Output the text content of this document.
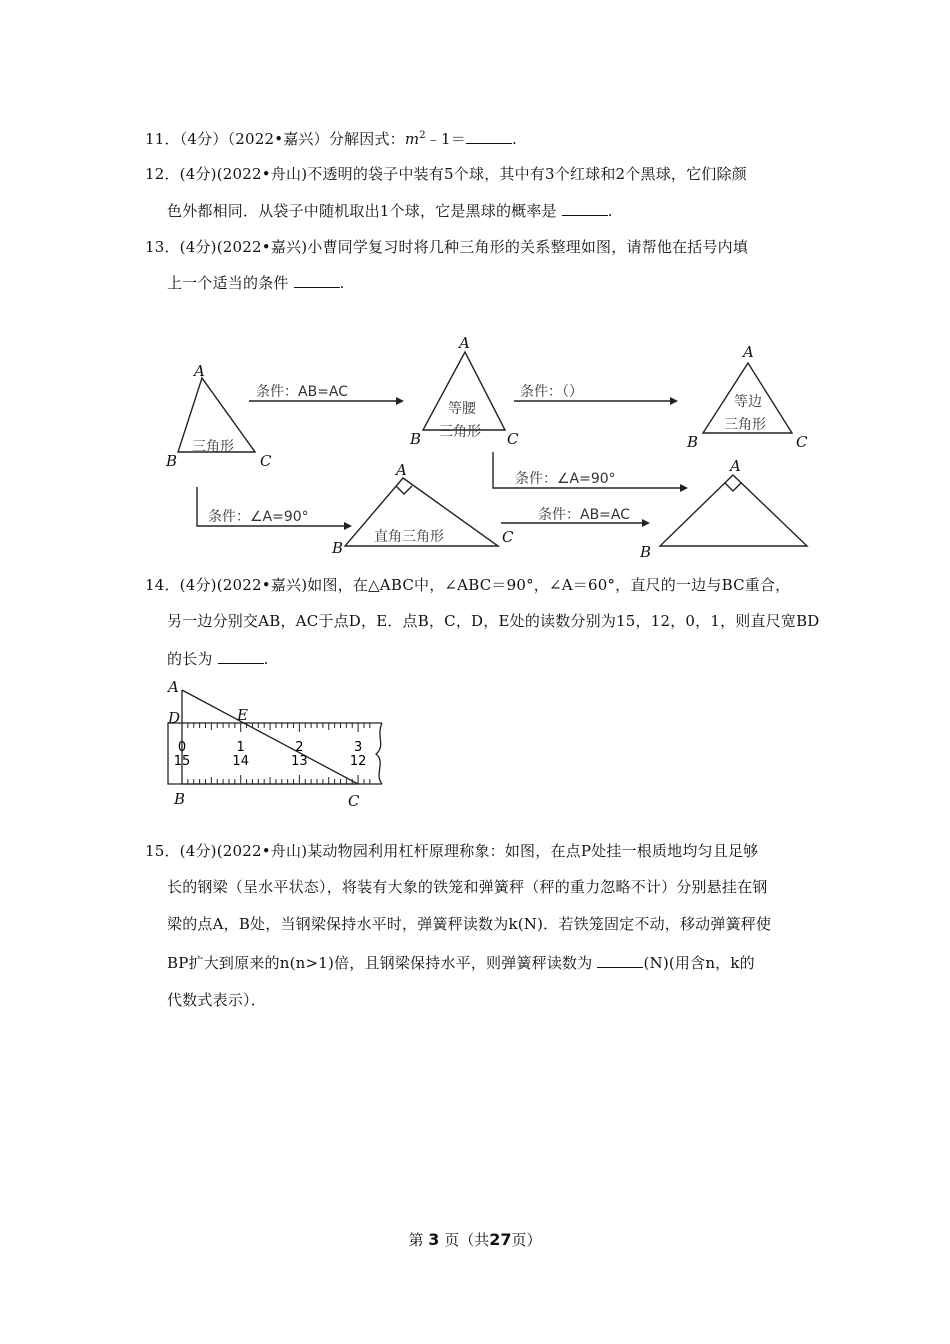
11．（4分）（2022•嘉兴）分解因式：$m^2﹣1=$	.
12．(4分)(2022•舟山)不透明的袋子中装有5个球，其中有3个红球和2个黑球，它们除颜
色外都相同．从袋子中随机取出1个球，它是黑球的概率是	.
13．(4分)(2022•嘉兴)小曹同学复习时将几种三角形的关系整理如图，请帮他在括号内填
上一个适当的条件	.
A
B	C
三角形
A
B	C
等腰
三角形
A
B	C
等边
三角形
A
B
C
直角三角形
A
B
条件：AB=AC	条件：（）
条件：∠A=90°
条件：∠A=90°
条件：AB=AC
14．(4分)(2022•嘉兴)如图，在△ABC中，∠ABC＝90°，∠A＝60°，直尺的一边与BC重合，
另一边分别交AB，AC于点D，E．点B，C，D，E处的读数分别为15，12，0，1，则直尺宽BD
的长为	.
A
D	E
B	C
0	1	2	3
15	14	13	12
15．(4分)(2022•舟山)某动物园利用杠杆原理称象：如图，在点P处挂一根质地均匀且足够
长的钢梁（呈水平状态），将装有大象的铁笼和弹簧秤（秤的重力忽略不计）分别悬挂在钢
梁的点A，B处，当钢梁保持水平时，弹簧秤读数为k(N)．若铁笼固定不动，移动弹簧秤使
BP扩大到原来的n(n>1)倍，且钢梁保持水平，则弹簧秤读数为	(N)(用含n，k的
代数式表示）．
第 3 页（共27页）
